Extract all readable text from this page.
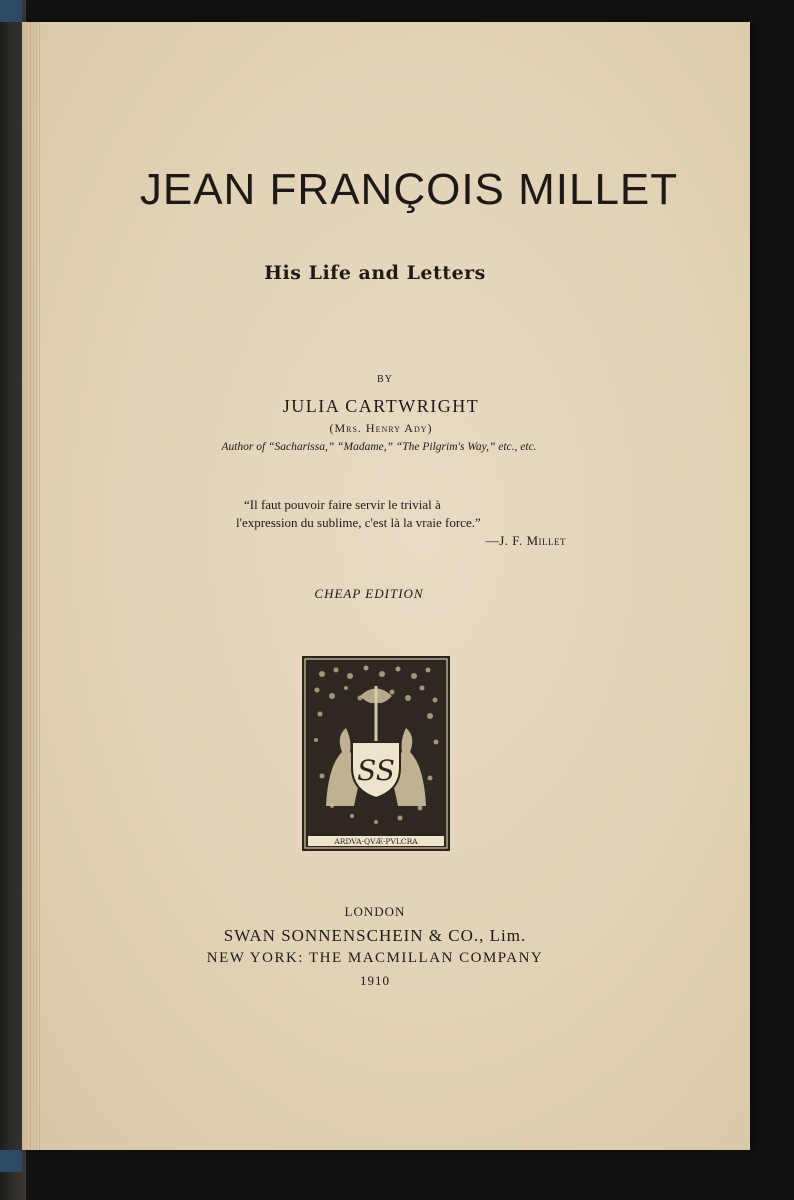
JEAN FRANÇOIS MILLET
His Life and Letters
BY
JULIA CARTWRIGHT
(Mrs. Henry Ady)
Author of “Sacharissa,” “Madame,” “The Pilgrim's Way,” etc., etc.
“Il faut pouvoir faire servir le trivial à
l'expression du sublime, c'est là la vraie force.”
—J. F. Millet
CHEAP EDITION
SS
ARDVA·QVÆ·PVLCRA
LONDON
SWAN SONNENSCHEIN & CO., Lim.
NEW YORK: THE MACMILLAN COMPANY
1910
